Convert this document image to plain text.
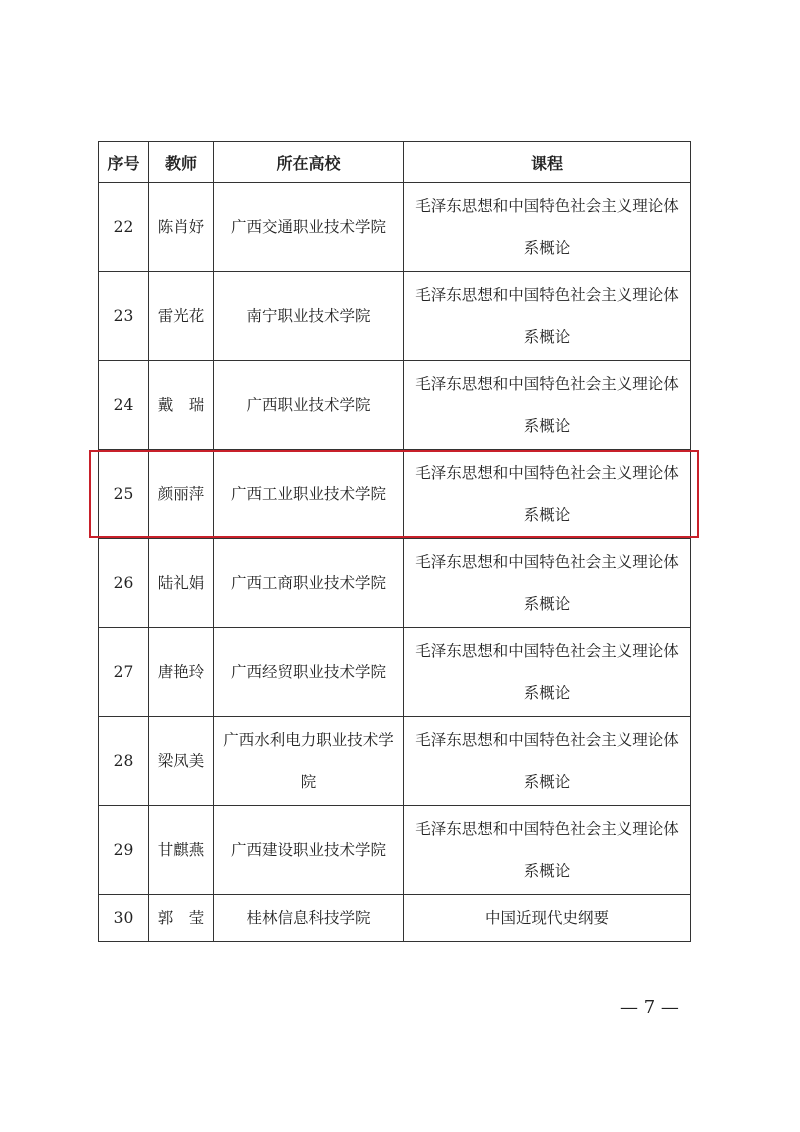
序号	教师	所在高校	课程
22	陈肖妤	广西交通职业技术学院	毛泽东思想和中国特色社会主义理论体系概论
23	雷光花	南宁职业技术学院	毛泽东思想和中国特色社会主义理论体系概论
24	戴　瑞	广西职业技术学院	毛泽东思想和中国特色社会主义理论体系概论
25	颜丽萍	广西工业职业技术学院	毛泽东思想和中国特色社会主义理论体系概论
26	陆礼娟	广西工商职业技术学院	毛泽东思想和中国特色社会主义理论体系概论
27	唐艳玲	广西经贸职业技术学院	毛泽东思想和中国特色社会主义理论体系概论
28	梁凤美	广西水利电力职业技术学院	毛泽东思想和中国特色社会主义理论体系概论
29	甘麒燕	广西建设职业技术学院	毛泽东思想和中国特色社会主义理论体系概论
30	郭　莹	桂林信息科技学院	中国近现代史纲要
— 7 —
